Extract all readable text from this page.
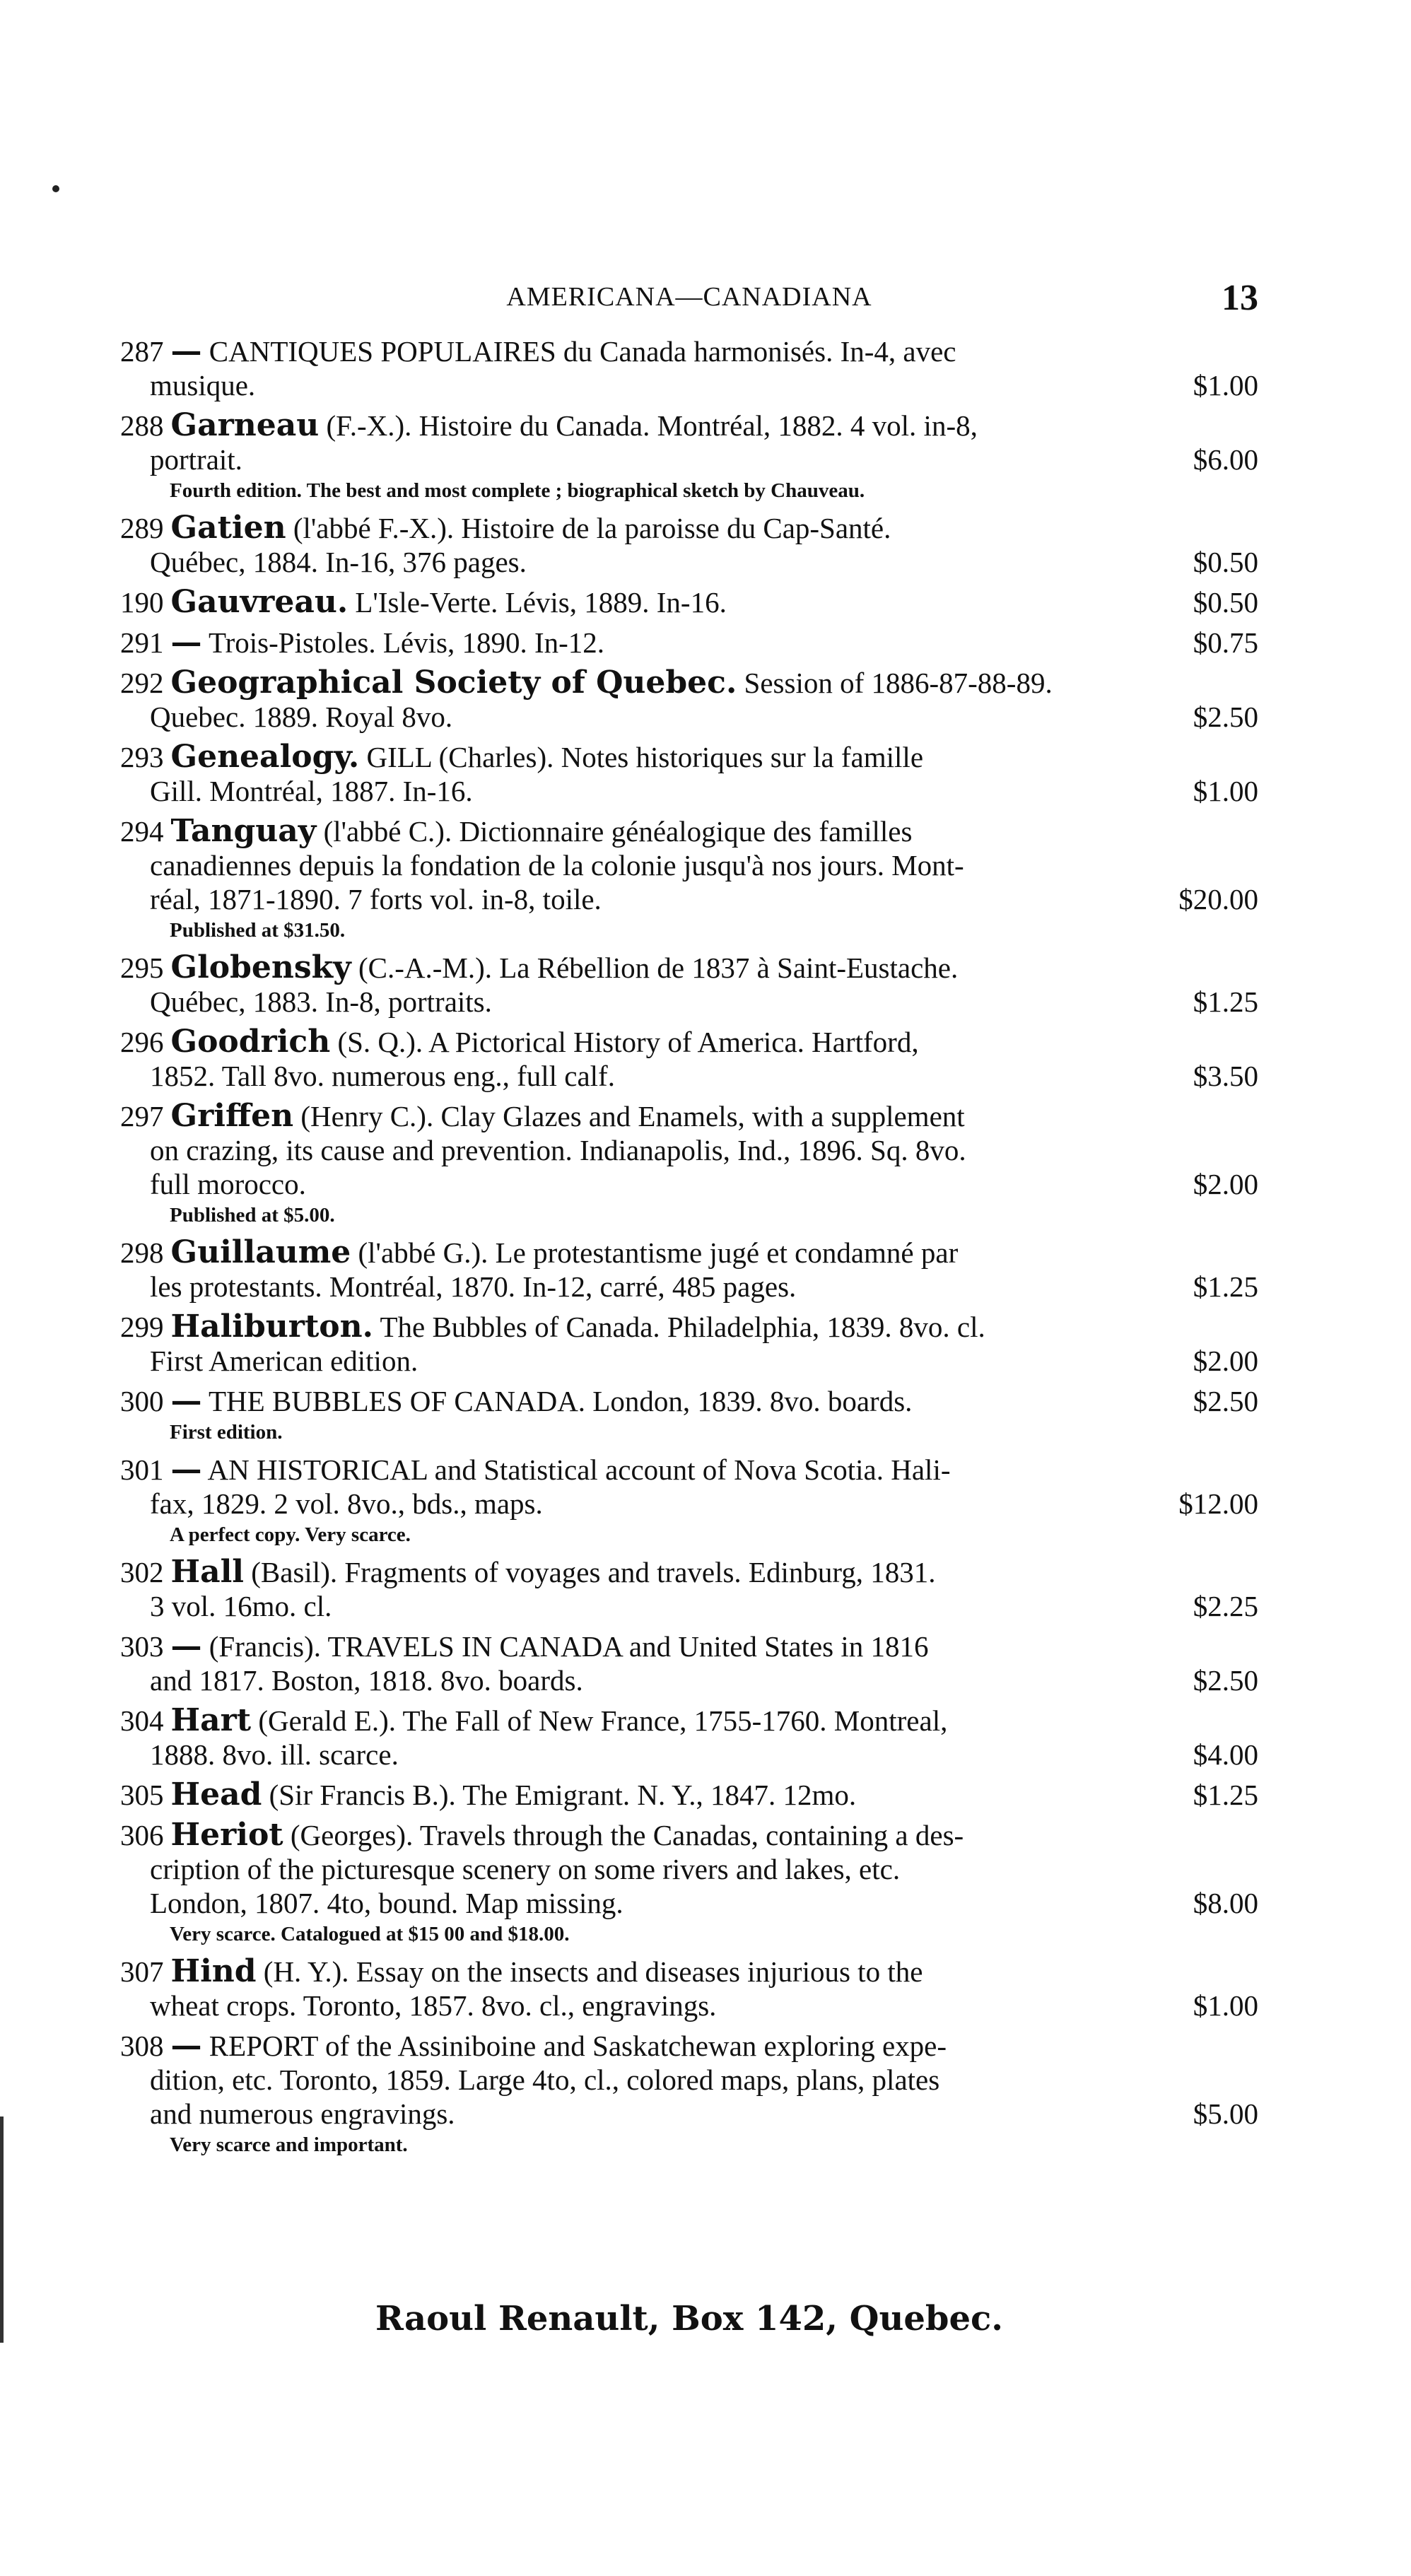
AMERICANA—CANADIANA	13
287 — CANTIQUES POPULAIRES du Canada harmonisés. In-4, avec
musique.	$1.00
288 Garneau (F.-X.). Histoire du Canada. Montréal, 1882. 4 vol. in-8,
portrait.	$6.00
Fourth edition. The best and most complete ; biographical sketch by Chauveau.
289 Gatien (l'abbé F.-X.). Histoire de la paroisse du Cap-Santé.
Québec, 1884. In-16, 376 pages.	$0.50
190 Gauvreau. L'Isle-Verte. Lévis, 1889. In-16.	$0.50
291 — Trois-Pistoles. Lévis, 1890. In-12.	$0.75
292 Geographical Society of Quebec. Session of 1886-87-88-89.
Quebec. 1889. Royal 8vo.	$2.50
293 Genealogy. GILL (Charles). Notes historiques sur la famille
Gill. Montréal, 1887. In-16.	$1.00
294 Tanguay (l'abbé C.). Dictionnaire généalogique des familles
canadiennes depuis la fondation de la colonie jusqu'à nos jours. Mont-
réal, 1871-1890. 7 forts vol. in-8, toile.	$20.00
Published at $31.50.
295 Globensky (C.-A.-M.). La Rébellion de 1837 à Saint-Eustache.
Québec, 1883. In-8, portraits.	$1.25
296 Goodrich (S. Q.). A Pictorical History of America. Hartford,
1852. Tall 8vo. numerous eng., full calf.	$3.50
297 Griffen (Henry C.). Clay Glazes and Enamels, with a supplement
on crazing, its cause and prevention. Indianapolis, Ind., 1896. Sq. 8vo.
full morocco.	$2.00
Published at $5.00.
298 Guillaume (l'abbé G.). Le protestantisme jugé et condamné par
les protestants. Montréal, 1870. In-12, carré, 485 pages.	$1.25
299 Haliburton. The Bubbles of Canada. Philadelphia, 1839. 8vo. cl.
First American edition.	$2.00
300 — THE BUBBLES OF CANADA. London, 1839. 8vo. boards.	$2.50
First edition.
301 — AN HISTORICAL and Statistical account of Nova Scotia. Hali-
fax, 1829. 2 vol. 8vo., bds., maps.	$12.00
A perfect copy. Very scarce.
302 Hall (Basil). Fragments of voyages and travels. Edinburg, 1831.
3 vol. 16mo. cl.	$2.25
303 — (Francis). TRAVELS IN CANADA and United States in 1816
and 1817. Boston, 1818. 8vo. boards.	$2.50
304 Hart (Gerald E.). The Fall of New France, 1755-1760. Montreal,
1888. 8vo. ill. scarce.	$4.00
305 Head (Sir Francis B.). The Emigrant. N. Y., 1847. 12mo.	$1.25
306 Heriot (Georges). Travels through the Canadas, containing a des-
cription of the picturesque scenery on some rivers and lakes, etc.
London, 1807. 4to, bound. Map missing.	$8.00
Very scarce. Catalogued at $15 00 and $18.00.
307 Hind (H. Y.). Essay on the insects and diseases injurious to the
wheat crops. Toronto, 1857. 8vo. cl., engravings.	$1.00
308 — REPORT of the Assiniboine and Saskatchewan exploring expe-
dition, etc. Toronto, 1859. Large 4to, cl., colored maps, plans, plates
and numerous engravings.	$5.00
Very scarce and important.
Raoul Renault, Box 142, Quebec.
